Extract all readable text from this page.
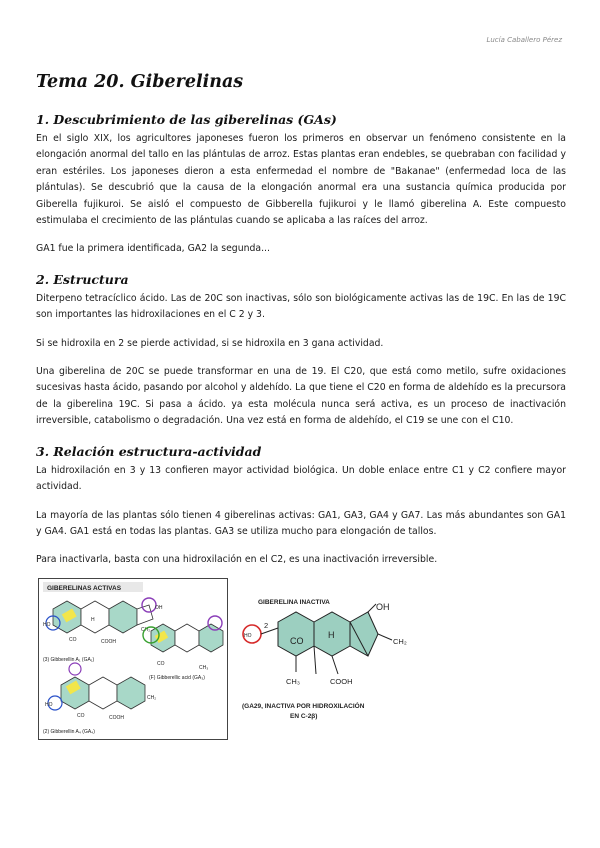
Lucía Caballero Pérez
Tema 20. Giberelinas
1. Descubrimiento de las giberelinas (GAs)

En el siglo XIX, los agricultores japoneses fueron los primeros en observar un fenómeno consistente en la elongación anormal del tallo en las plántulas de arroz. Estas plantas eran endebles, se quebraban con facilidad y eran estériles. Los japoneses dieron a esta enfermedad el nombre de "Bakanae" (enfermedad loca de las plántulas). Se descubrió que la causa de la elongación anormal era una sustancia química producida por Giberella fujikuroi. Se aisló el compuesto de Gibberella fujikuroi y le llamó giberelina A. Este compuesto estimulaba el crecimiento de las plántulas cuando se aplicaba a las raíces del arroz.

GA1 fue la primera identificada, GA2 la segunda...

2. Estructura

Diterpeno tetracíclico ácido. Las de 20C son inactivas, sólo son biológicamente activas las de 19C. En las de 19C son importantes las hidroxilaciones en el C 2 y 3.

Si se hidroxila en 2 se pierde actividad, si se hidroxila en 3 gana actividad.

Una giberelina de 20C se puede transformar en una de 19. El C20, que está como metilo, sufre oxidaciones sucesivas hasta ácido, pasando por alcohol y aldehído. La que tiene el C20 en forma de aldehído es la precursora de la giberelina 19C. Si pasa a ácido. ya esta molécula nunca será activa, es un proceso de inactivación irreversible, catabolismo o degradación. Una vez está en forma de aldehído, el C19 se une con el C10.

3. Relación estructura-actividad

La hidroxilación en 3 y 13 confieren mayor actividad biológica. Un doble enlace entre C1 y C2 confiere mayor actividad.

La mayoría de las plantas sólo tienen 4 giberelinas activas: GA1, GA3, GA4 y GA7. Las más abundantes son GA1 y GA4. GA1 está en todas las plantas. GA3 se utiliza mucho para elongación de tallos.

Para inactivarla, basta con una hidroxilación en el C2, es una inactivación irreversible.

GIBERELINAS ACTIVAS
HO
OH
H
CO	COOH
CH₂
(3) Gibberellin A₁ (GA₁)
CH₃
CO
(F) Gibberellic acid (GA₃)
HO
CO	COOH
CH₂
(2) Gibberellin A₄ (GA₄)
GIBERELINA INACTIVA
2
HO
OH
CO
H
CH₂
CH₃	COOH
(GA29, INACTIVA POR HIDROXILACIÓN
EN C-2β)
